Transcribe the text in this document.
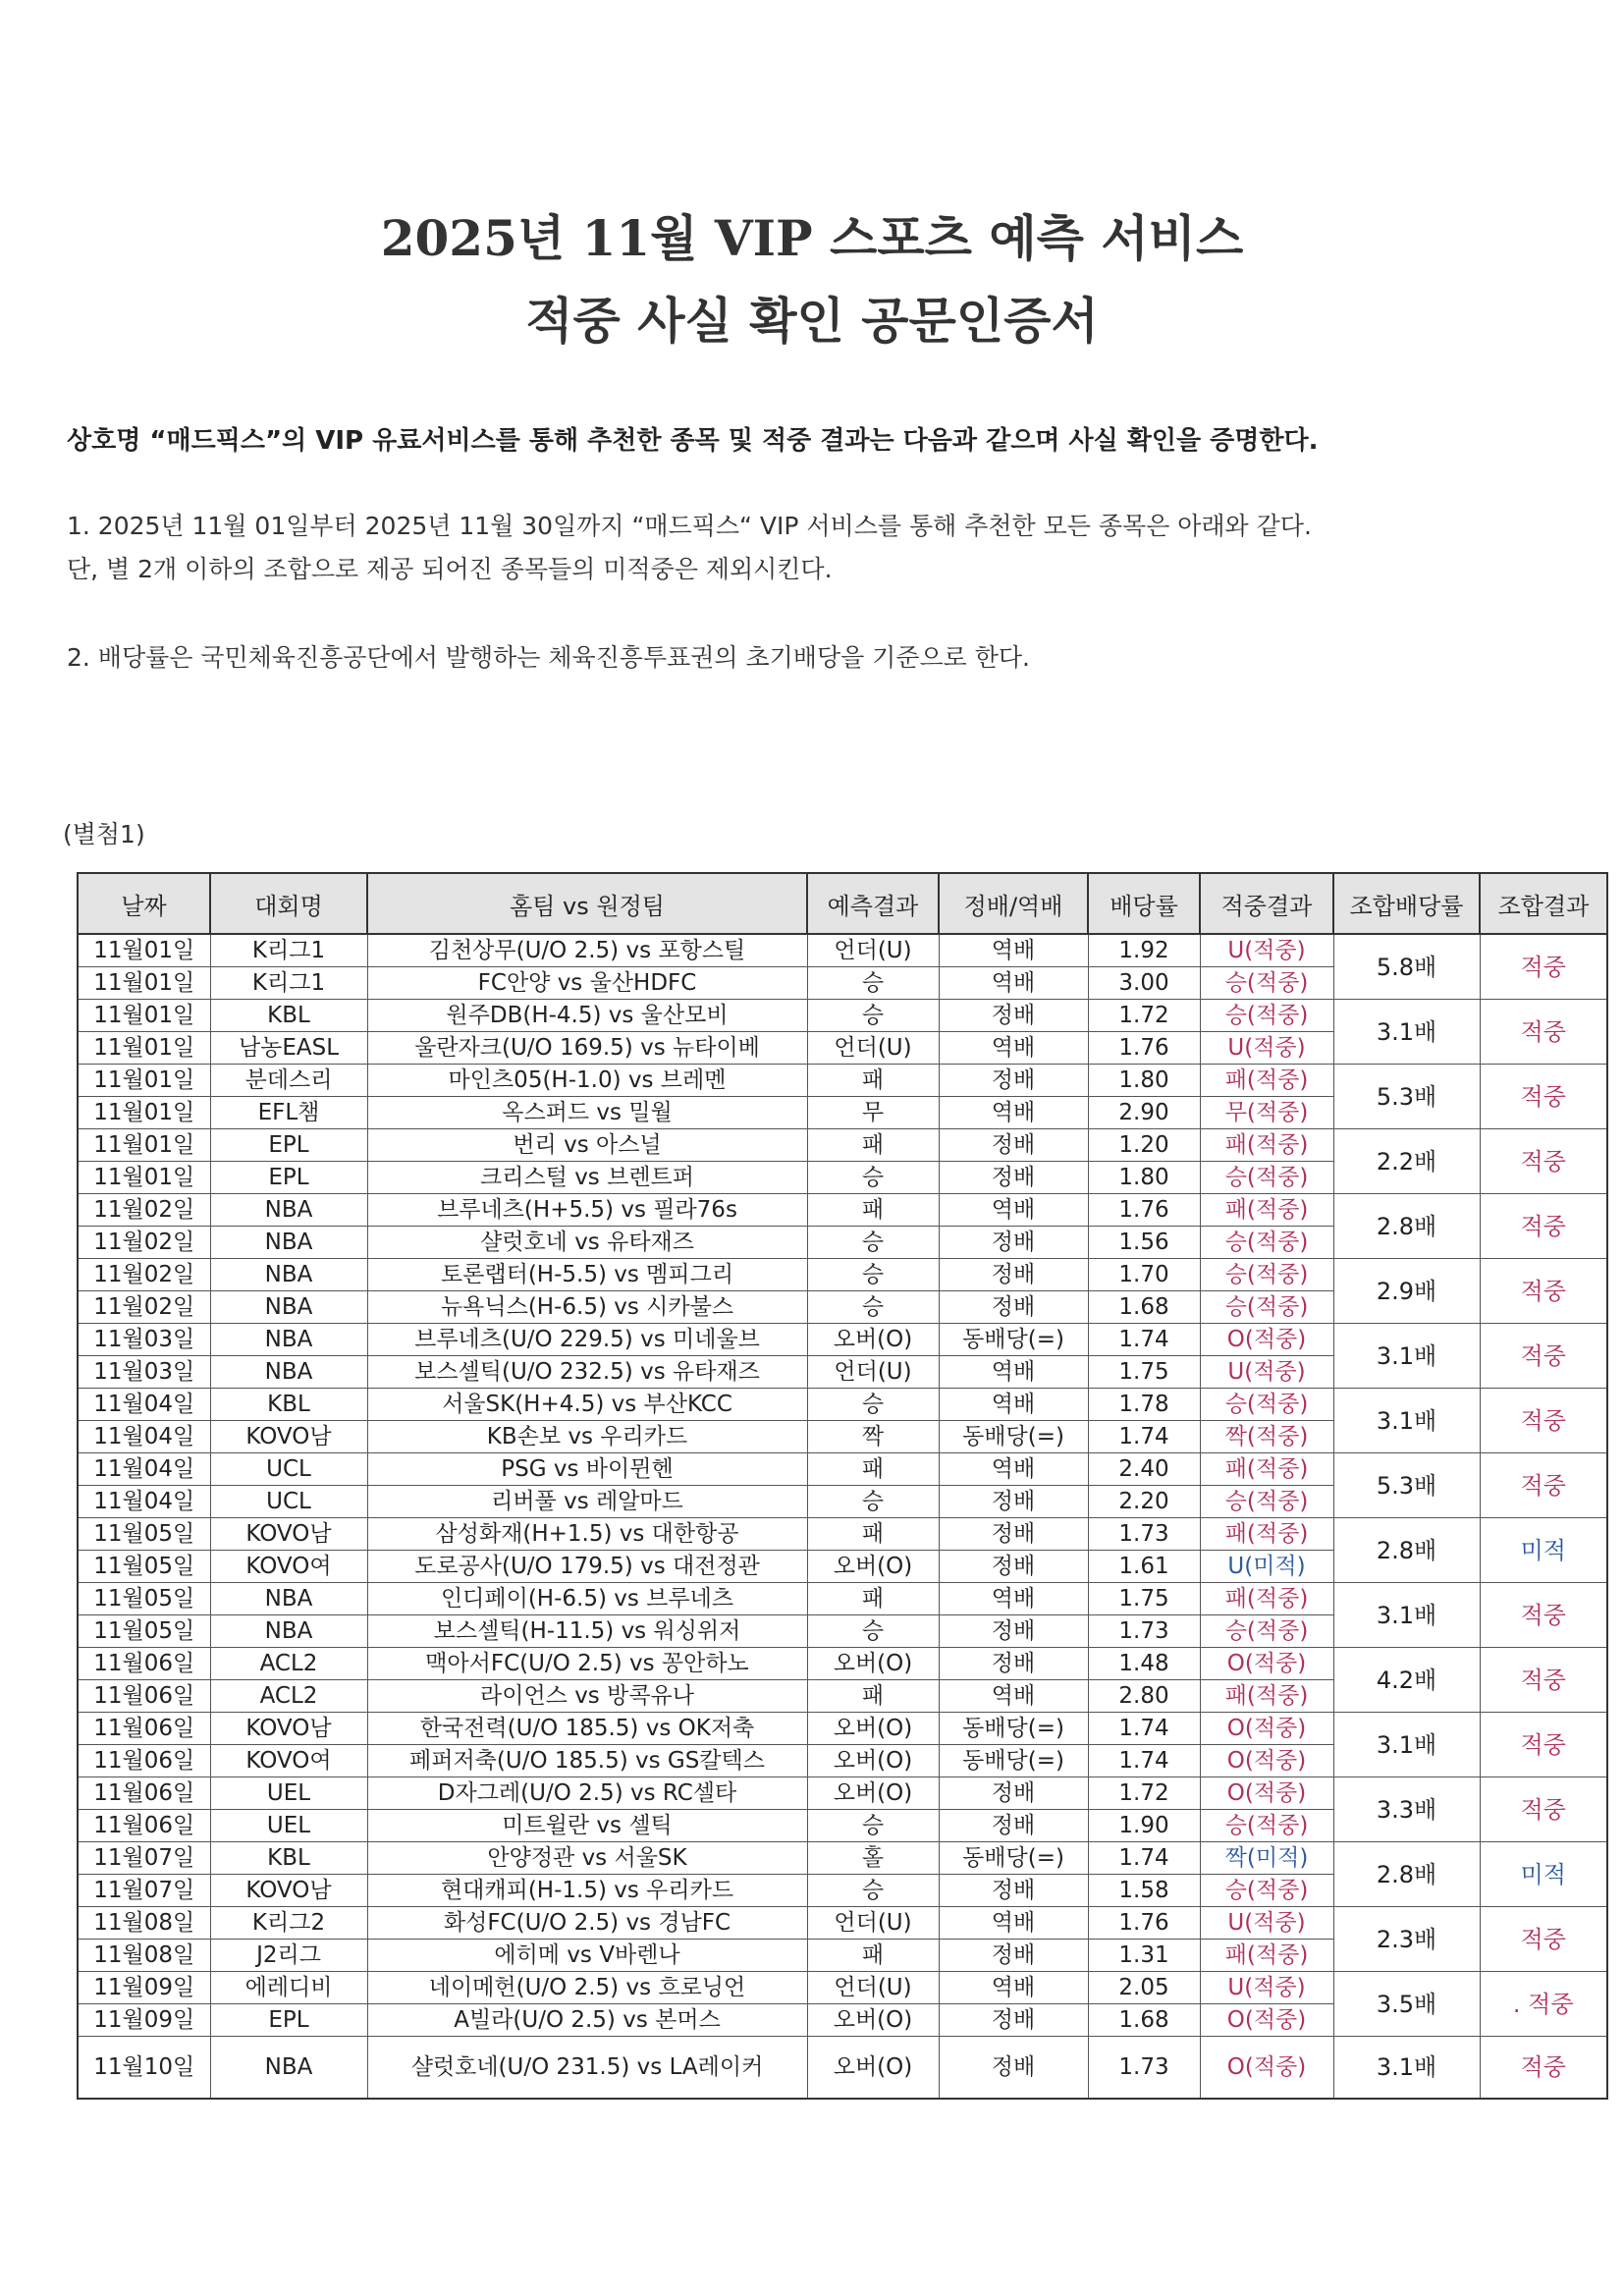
2025년 11월 VIP 스포츠 예측 서비스
적중 사실 확인 공문인증서
상호명 “매드픽스”의 VIP 유료서비스를 통해 추천한 종목 및 적중 결과는 다음과 같으며 사실 확인을 증명한다.
1. 2025년 11월 01일부터 2025년 11월 30일까지 “매드픽스“ VIP 서비스를 통해 추천한 모든 종목은 아래와 같다.
단, 별 2개 이하의 조합으로 제공 되어진 종목들의 미적중은 제외시킨다.
2. 배당률은 국민체육진흥공단에서 발행하는 체육진흥투표권의 초기배당을 기준으로 한다.
(별첨1)
날짜	대회명	홈팀 vs 원정팀	예측결과	정배/역배	배당률	적중결과	조합배당률	조합결과
11월01일	K리그1	김천상무(U/O 2.5) vs 포항스틸	언더(U)	역배	1.92	U(적중)	5.8배	적중
11월01일	K리그1	FC안양 vs 울산HDFC	승	역배	3.00	승(적중)		
11월01일	KBL	원주DB(H-4.5) vs 울산모비	승	정배	1.72	승(적중)	3.1배	적중
11월01일	남농EASL	울란자크(U/O 169.5) vs 뉴타이베	언더(U)	역배	1.76	U(적중)		
11월01일	분데스리	마인츠05(H-1.0) vs 브레멘	패	정배	1.80	패(적중)	5.3배	적중
11월01일	EFL챔	옥스퍼드 vs 밀월	무	역배	2.90	무(적중)		
11월01일	EPL	번리 vs 아스널	패	정배	1.20	패(적중)	2.2배	적중
11월01일	EPL	크리스털 vs 브렌트퍼	승	정배	1.80	승(적중)		
11월02일	NBA	브루네츠(H+5.5) vs 필라76s	패	역배	1.76	패(적중)	2.8배	적중
11월02일	NBA	샬럿호네 vs 유타재즈	승	정배	1.56	승(적중)		
11월02일	NBA	토론랩터(H-5.5) vs 멤피그리	승	정배	1.70	승(적중)	2.9배	적중
11월02일	NBA	뉴욕닉스(H-6.5) vs 시카불스	승	정배	1.68	승(적중)		
11월03일	NBA	브루네츠(U/O 229.5) vs 미네울브	오버(O)	동배당(=)	1.74	O(적중)	3.1배	적중
11월03일	NBA	보스셀틱(U/O 232.5) vs 유타재즈	언더(U)	역배	1.75	U(적중)		
11월04일	KBL	서울SK(H+4.5) vs 부산KCC	승	역배	1.78	승(적중)	3.1배	적중
11월04일	KOVO남	KB손보 vs 우리카드	짝	동배당(=)	1.74	짝(적중)		
11월04일	UCL	PSG vs 바이뮌헨	패	역배	2.40	패(적중)	5.3배	적중
11월04일	UCL	리버풀 vs 레알마드	승	정배	2.20	승(적중)		
11월05일	KOVO남	삼성화재(H+1.5) vs 대한항공	패	정배	1.73	패(적중)	2.8배	미적
11월05일	KOVO여	도로공사(U/O 179.5) vs 대전정관	오버(O)	정배	1.61	U(미적)		
11월05일	NBA	인디페이(H-6.5) vs 브루네츠	패	역배	1.75	패(적중)	3.1배	적중
11월05일	NBA	보스셀틱(H-11.5) vs 워싱위저	승	정배	1.73	승(적중)		
11월06일	ACL2	맥아서FC(U/O 2.5) vs 꽁안하노	오버(O)	정배	1.48	O(적중)	4.2배	적중
11월06일	ACL2	라이언스 vs 방콕유나	패	역배	2.80	패(적중)		
11월06일	KOVO남	한국전력(U/O 185.5) vs OK저축	오버(O)	동배당(=)	1.74	O(적중)	3.1배	적중
11월06일	KOVO여	페퍼저축(U/O 185.5) vs GS칼텍스	오버(O)	동배당(=)	1.74	O(적중)		
11월06일	UEL	D자그레(U/O 2.5) vs RC셀타	오버(O)	정배	1.72	O(적중)	3.3배	적중
11월06일	UEL	미트윌란 vs 셀틱	승	정배	1.90	승(적중)		
11월07일	KBL	안양정관 vs 서울SK	홀	동배당(=)	1.74	짝(미적)	2.8배	미적
11월07일	KOVO남	현대캐피(H-1.5) vs 우리카드	승	정배	1.58	승(적중)		
11월08일	K리그2	화성FC(U/O 2.5) vs 경남FC	언더(U)	역배	1.76	U(적중)	2.3배	적중
11월08일	J2리그	에히메 vs V바렌나	패	정배	1.31	패(적중)		
11월09일	에레디비	네이메헌(U/O 2.5) vs 흐로닝언	언더(U)	역배	2.05	U(적중)	3.5배	. 적중
11월09일	EPL	A빌라(U/O 2.5) vs 본머스	오버(O)	정배	1.68	O(적중)		
11월10일	NBA	샬럿호네(U/O 231.5) vs LA레이커	오버(O)	정배	1.73	O(적중)	3.1배	적중
